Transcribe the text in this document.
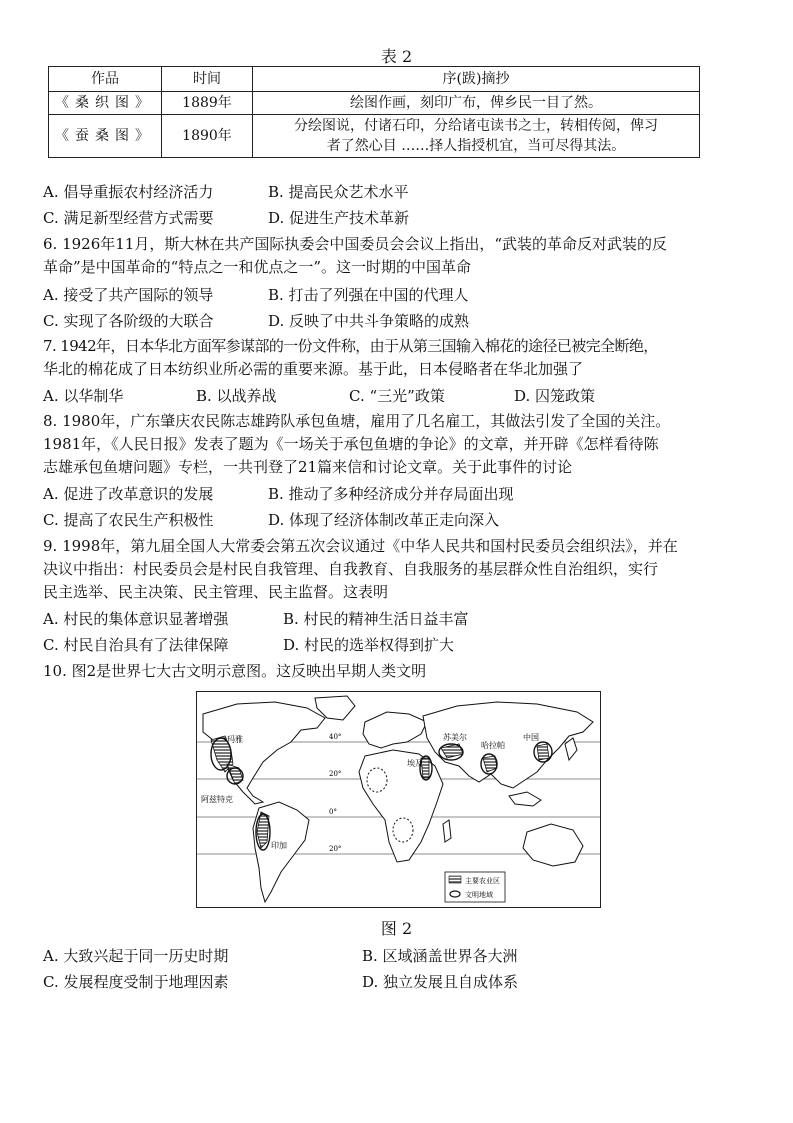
表 2
作品	时间	序(跋)摘抄
《桑织图》	1889年	绘图作画，刻印广布，俾乡民一目了然。
《蚕桑图》	1890年	分绘图说，付诸石印，分给诸屯读书之士，转相传阅，俾习
者了然心目 ……择人指授机宜，当可尽得其法。
A. 倡导重振农村经济活力	B. 提高民众艺术水平
C. 满足新型经营方式需要	D. 促进生产技术革新
6. 1926年11月，斯大林在共产国际执委会中国委员会会议上指出，“武装的革命反对武装的反
革命”是中国革命的“特点之一和优点之一”。这一时期的中国革命
A. 接受了共产国际的领导	B. 打击了列强在中国的代理人
C. 实现了各阶级的大联合	D. 反映了中共斗争策略的成熟
7. 1942年，日本华北方面军参谋部的一份文件称，由于从第三国输入棉花的途径已被完全断绝，
华北的棉花成了日本纺织业所必需的重要来源。基于此，日本侵略者在华北加强了
A. 以华制华	B. 以战养战	C. “三光”政策	D. 囚笼政策
8. 1980年，广东肇庆农民陈志雄跨队承包鱼塘，雇用了几名雇工，其做法引发了全国的关注。
1981年，《人民日报》发表了题为《一场关于承包鱼塘的争论》的文章，并开辟《怎样看待陈
志雄承包鱼塘问题》专栏，一共刊登了21篇来信和讨论文章。关于此事件的讨论
A. 促进了改革意识的发展	B. 推动了多种经济成分并存局面出现
C. 提高了农民生产积极性	D. 体现了经济体制改革正走向深入
9. 1998年，第九届全国人大常委会第五次会议通过《中华人民共和国村民委员会组织法》，并在
决议中指出：村民委员会是村民自我管理、自我教育、自我服务的基层群众性自治组织，实行
民主选举、民主决策、民主管理、民主监督。这表明
A. 村民的集体意识显著增强	B. 村民的精神生活日益丰富
C. 村民自治具有了法律保障	D. 村民的选举权得到扩大
10. 图2是世界七大古文明示意图。这反映出早期人类文明
40°
20°
0°
20°
玛雅
阿兹特克
印加
苏美尔
埃及
哈拉帕
中国
主要农业区
文明地域
图 2
A. 大致兴起于同一历史时期	B. 区域涵盖世界各大洲
C. 发展程度受制于地理因素	D. 独立发展且自成体系
